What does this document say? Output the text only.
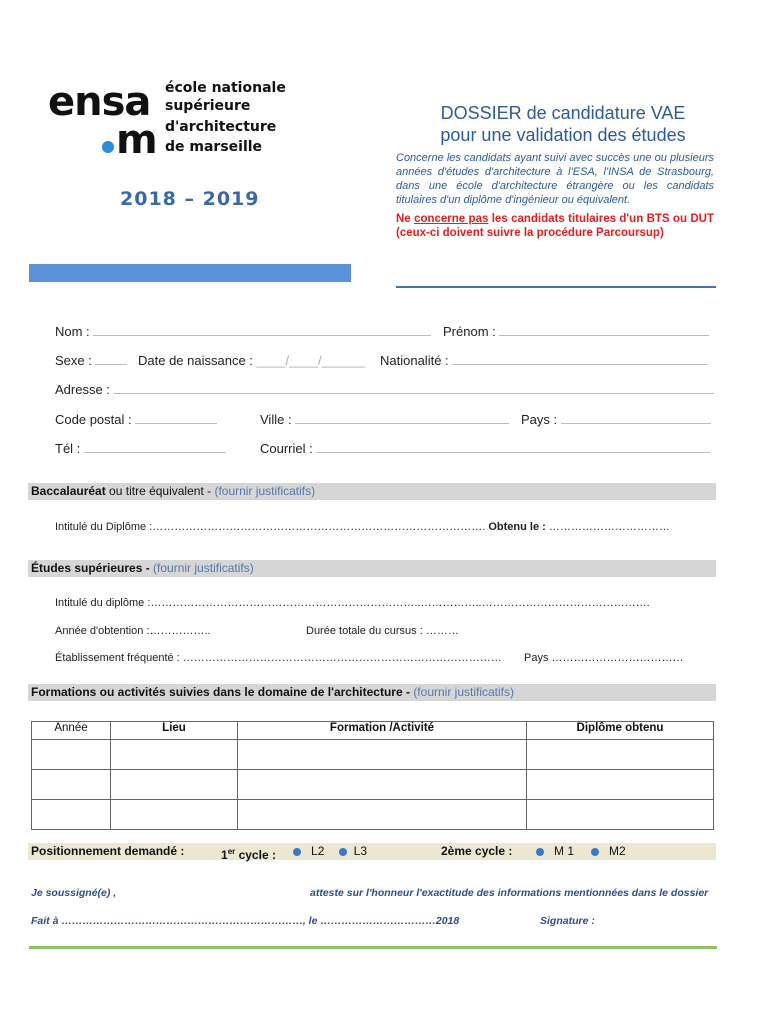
ensa
m
école nationale
supérieure
d'architecture
de marseille
2018 – 2019
DOSSIER de candidature VAE
pour une validation des études
Concerne les candidats ayant suivi avec succès une ou plusieurs années d'études d'architecture à l'ESA, l'INSA de Strasbourg, dans une école d'architecture étrangère ou les candidats titulaires d'un diplôme d'ingénieur ou équivalent.
Ne concerne pas les candidats titulaires d'un BTS ou DUT (ceux-ci doivent suivre la procédure Parcoursup)
Nom :	Prénom :
Sexe :	Date de naissance : ____/____/______ Nationalité :
Adresse :
Code postal :	Ville :	Pays :
Tél :	Courriel :
Baccalauréat ou titre équivalent - (fournir justificatifs)
Intitulé du Diplôme :………………………………………………………………………………. Obtenu le : ……………………………
Études supérieures - (fournir justificatifs)
Intitulé du diplôme :………………………………………………………………..……………..……………………………………….
Année d'obtention :……………..	Durée totale du cursus : ………
Établissement fréquenté : …………………………………………………………………………… Pays ………………………………
Formations ou activités suivies dans le domaine de l'architecture - (fournir justificatifs)
Année	Lieu	Formation /Activité	Diplôme obtenu

Positionnement demandé :	1er cycle :	L2	L3	2ème cycle :	M 1	M2
Je soussigné(e) ,	atteste sur l'honneur l'exactitude des informations mentionnées dans le dossier
Fait à ……………………………………………………………, le ……………………………2018	Signature :
